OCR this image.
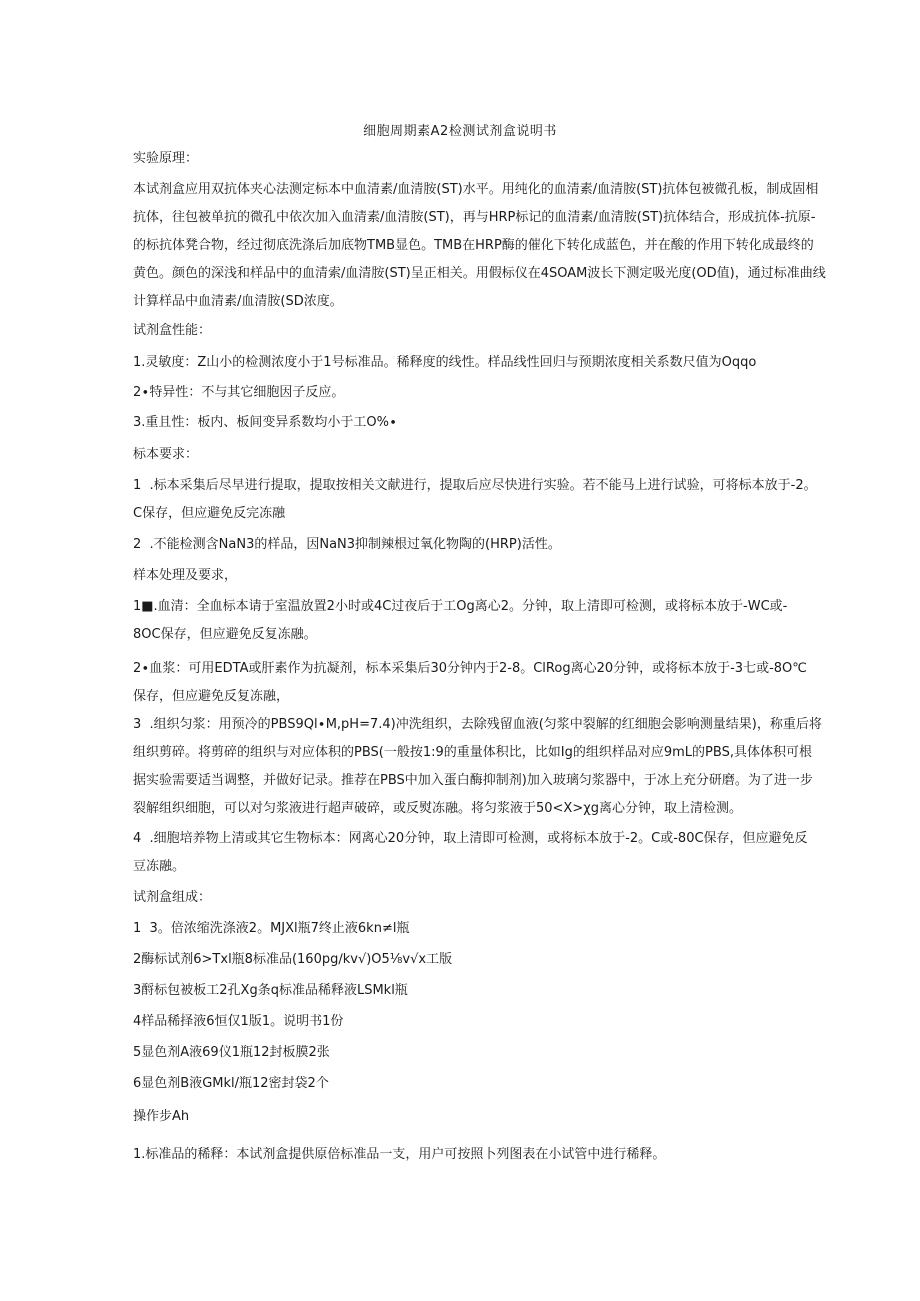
细胞周期素A2检测试剂盒说明书
实验原理：
本试剂盒应用双抗体夹心法测定标本中血清素/血清胺(ST)水平。用纯化的血清素/血清胺(ST)抗体包被微孔板，制成固相
抗体，往包被单抗的微孔中依次加入血清素/血清胺(ST)，再与HRP标记的血清素/血清胺(ST)抗体结合，形成抗体-抗原-
的标抗体凳合物，经过彻底洗涤后加底物TMB显色。TMB在HRP酶的催化下转化成蓝色，并在酸的作用下转化成最终的
黄色。颜色的深浅和样品中的血清索/血清胺(ST)呈正相关。用假标仪在4SOAM波长下测定吸光度(OD值)，通过标准曲线
计算样品中血清素/血清胺(SD浓度。
试剂盒性能：
1.灵敏度：Z山小的检测浓度小于1号标准品。稀释度的线性。样品线性回归与预期浓度相关系数尺值为Oqqo
2∙特异性：不与其它细胞因子反应。
3.重且性：板内、板间变异系数均小于工O%∙
标本要求：
1	.标本采集后尽早进行提取，提取按相关文献进行，提取后应尽快进行实验。若不能马上进行试验，可将标本放于-2。
C保存，但应避免反完冻融
2	.不能检测含NaN3的样品，因NaN3抑制辣根过氧化物陶的(HRP)活性。
样本处理及要求，
1■.血清：全血标本请于室温放置2小时或4C过夜后于工Og离心2。分钟，取上清即可检测，或将标本放于-WC或-
8OC保存，但应避免反复冻融。
2∙血浆：可用EDTA或肝素作为抗凝剂，标本采集后30分钟内于2-8。ClRog离心20分钟，或将标本放于-3七或-8O℃
保存，但应避免反复冻融，
3	.组织匀浆：用预冷的PBS9Ql∙M,pH=7.4)冲洗组织，去除残留血液(匀浆中裂解的红细胞会影响测量结果)，称重后将
组织剪碎。将剪碎的组织与对应体积的PBS(一般按1:9的重量体积比，比如Ig的组织样品对应9mL的PBS,具体体积可根
据实验需要适当调整，并做好记录。推荐在PBS中加入蛋白酶抑制剂)加入玻璃匀浆器中，于冰上充分研磨。为了进一步
裂解组织细胞，可以对匀浆液进行超声破碎，或反熨冻融。将匀浆液于50<X>χg离心分钟，取上清检测。
4	.细胞培养物上清或其它生物标本：网离心20分钟，取上清即可检测，或将标本放于-2。C或-80C保存，但应避免反
豆冻融。
试剂盒组成：
1	3。倍浓缩洗涤液2。MJXl瓶7终止液6kn≠l瓶
2酶标试剂6>Txl瓶8标准品(160pg∕kv√)O5⅛v√x工版
3酹标包被板工2孔Xg条q标准品稀释液LSMkl瓶
4样品稀择液6恒仅1版1。说明书1份
5显色剂A液69仪1瓶12封板膜2张
6显色剂B液GMkl/瓶12密封袋2个
操作步Ah
1.标准品的稀释：本试剂盒提供原倍标准品一支，用户可按照卜列图表在小试管中进行稀释。
